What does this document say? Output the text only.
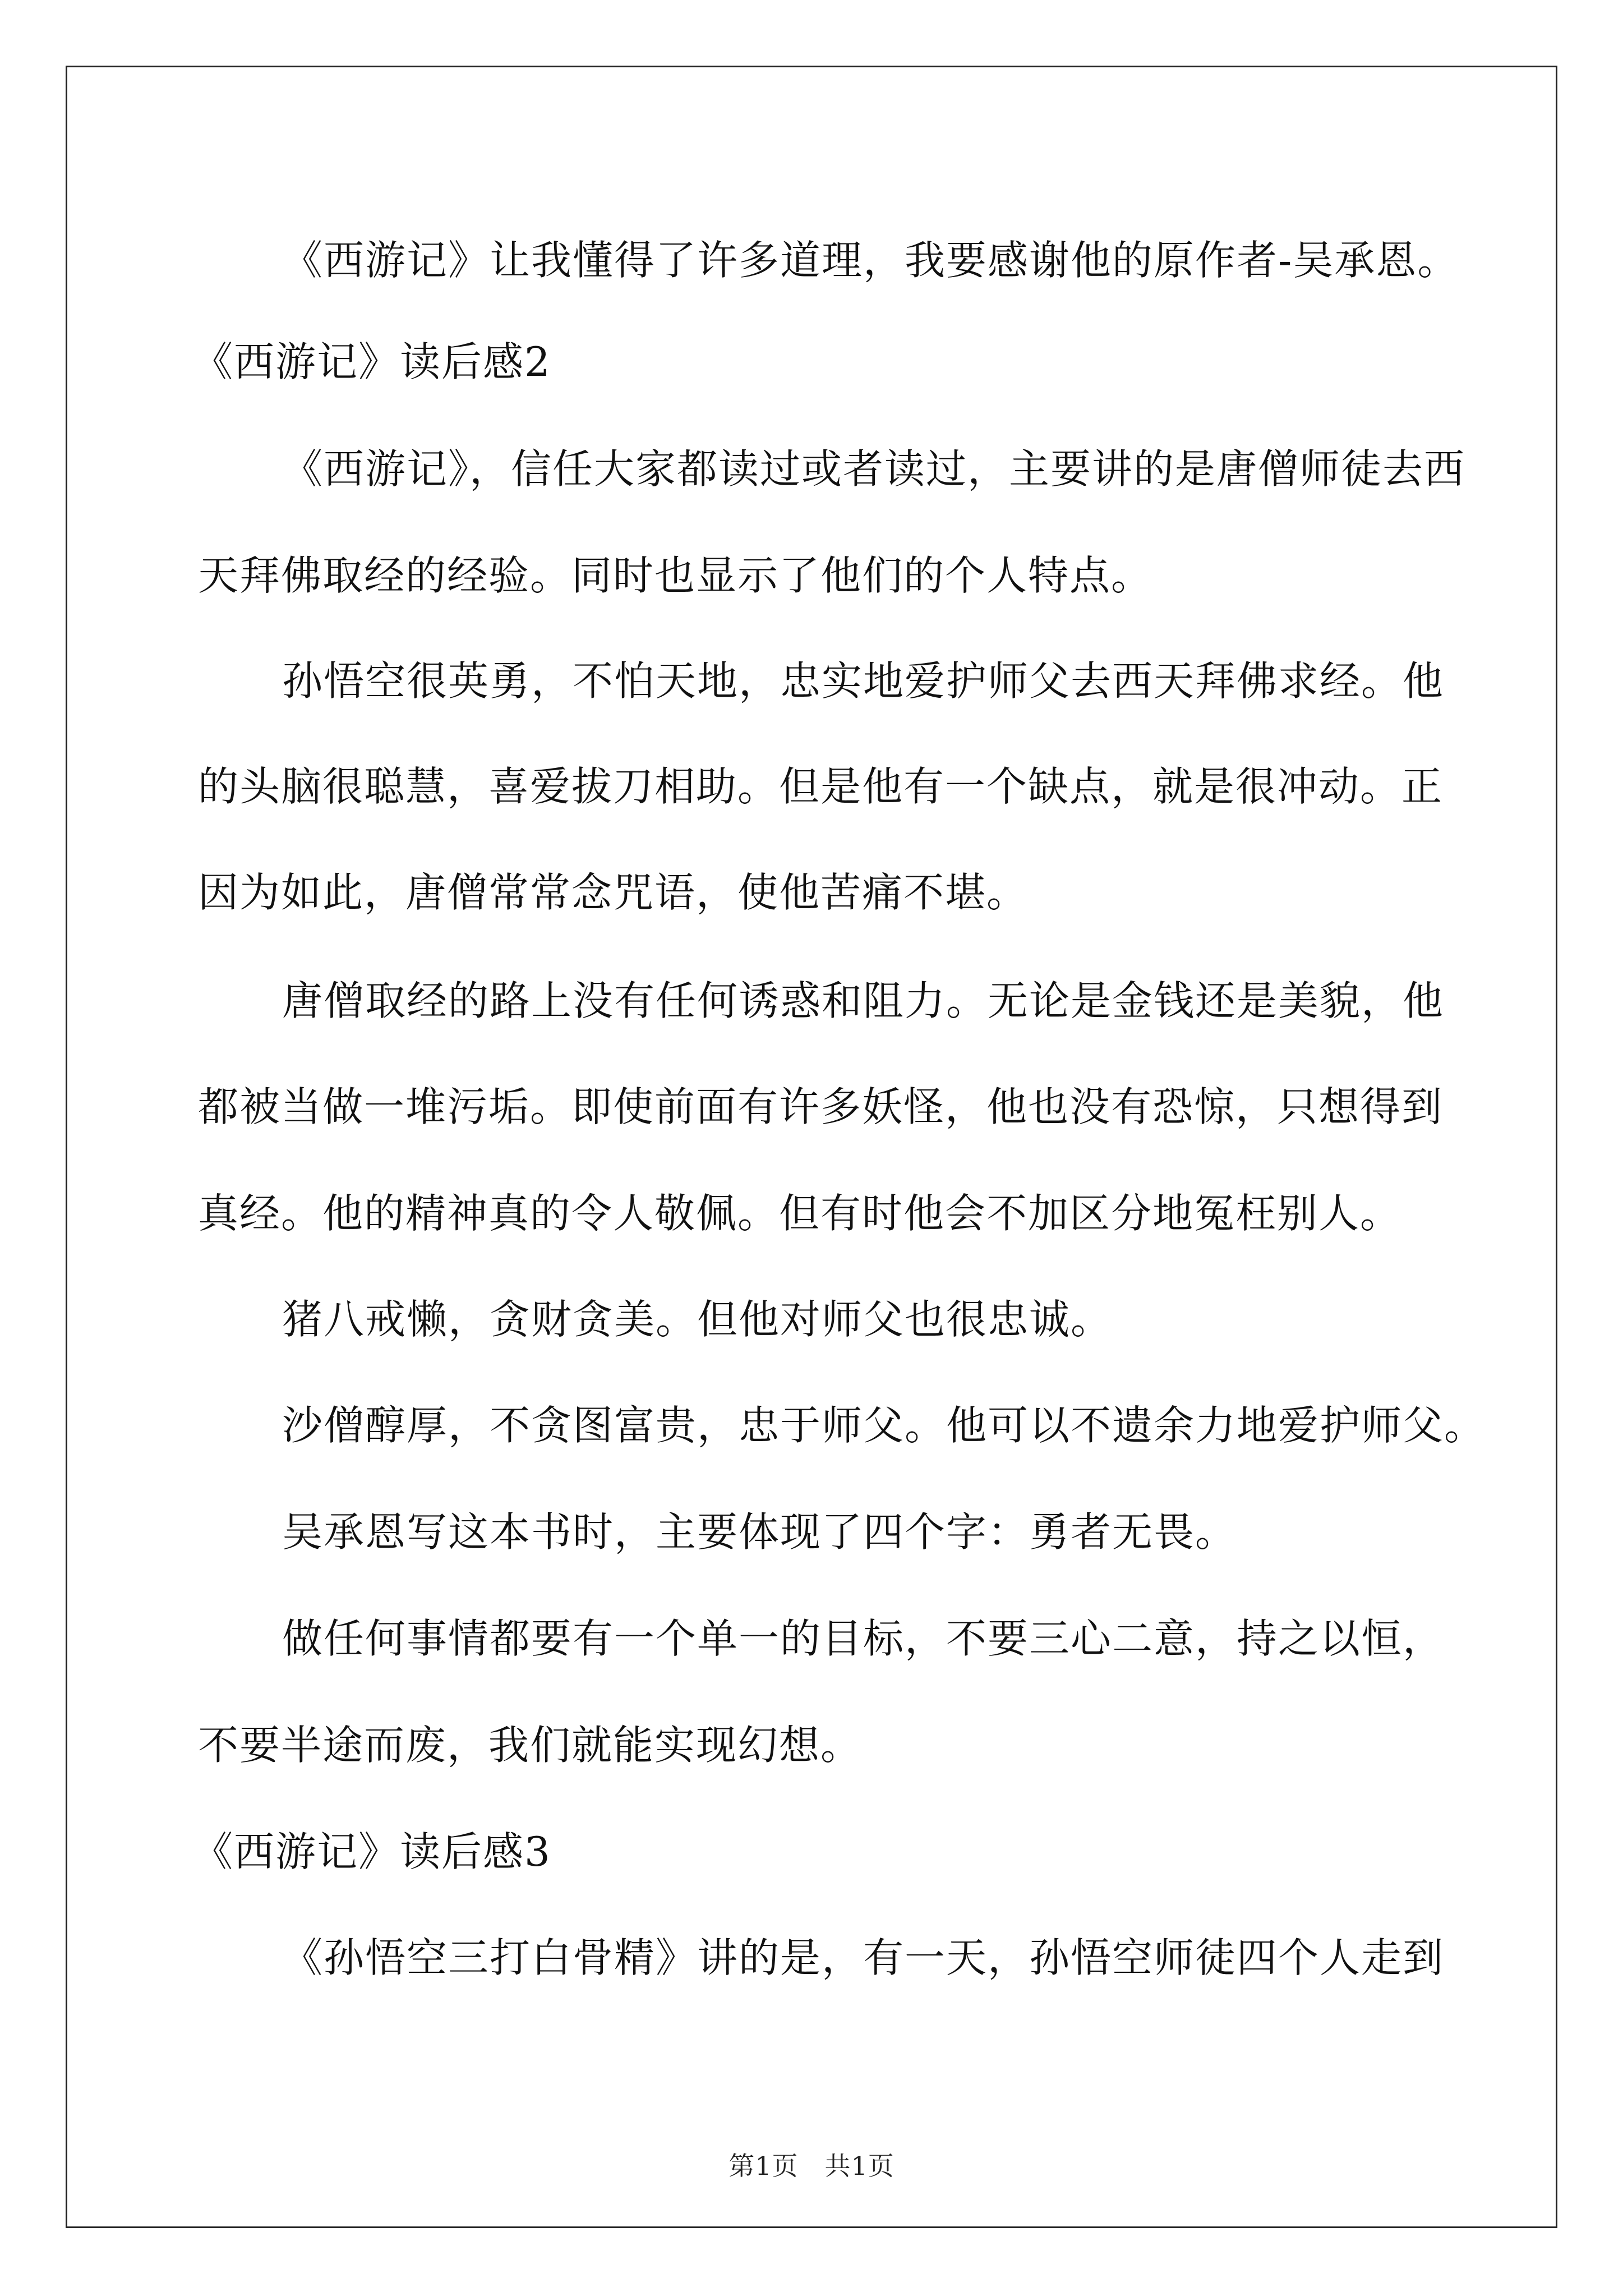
《西游记》让我懂得了许多道理，我要感谢他的原作者-吴承恩。
《西游记》读后感2
《西游记》，信任大家都读过或者读过，主要讲的是唐僧师徒去西
天拜佛取经的经验。同时也显示了他们的个人特点。
孙悟空很英勇，不怕天地，忠实地爱护师父去西天拜佛求经。他
的头脑很聪慧，喜爱拔刀相助。但是他有一个缺点，就是很冲动。正
因为如此，唐僧常常念咒语，使他苦痛不堪。
唐僧取经的路上没有任何诱惑和阻力。无论是金钱还是美貌，他
都被当做一堆污垢。即使前面有许多妖怪，他也没有恐惊，只想得到
真经。他的精神真的令人敬佩。但有时他会不加区分地冤枉别人。
猪八戒懒，贪财贪美。但他对师父也很忠诚。
沙僧醇厚，不贪图富贵，忠于师父。他可以不遗余力地爱护师父。
吴承恩写这本书时，主要体现了四个字：勇者无畏。
做任何事情都要有一个单一的目标，不要三心二意，持之以恒，
不要半途而废，我们就能实现幻想。
《西游记》读后感3
《孙悟空三打白骨精》讲的是，有一天，孙悟空师徒四个人走到
第1页　共1页
